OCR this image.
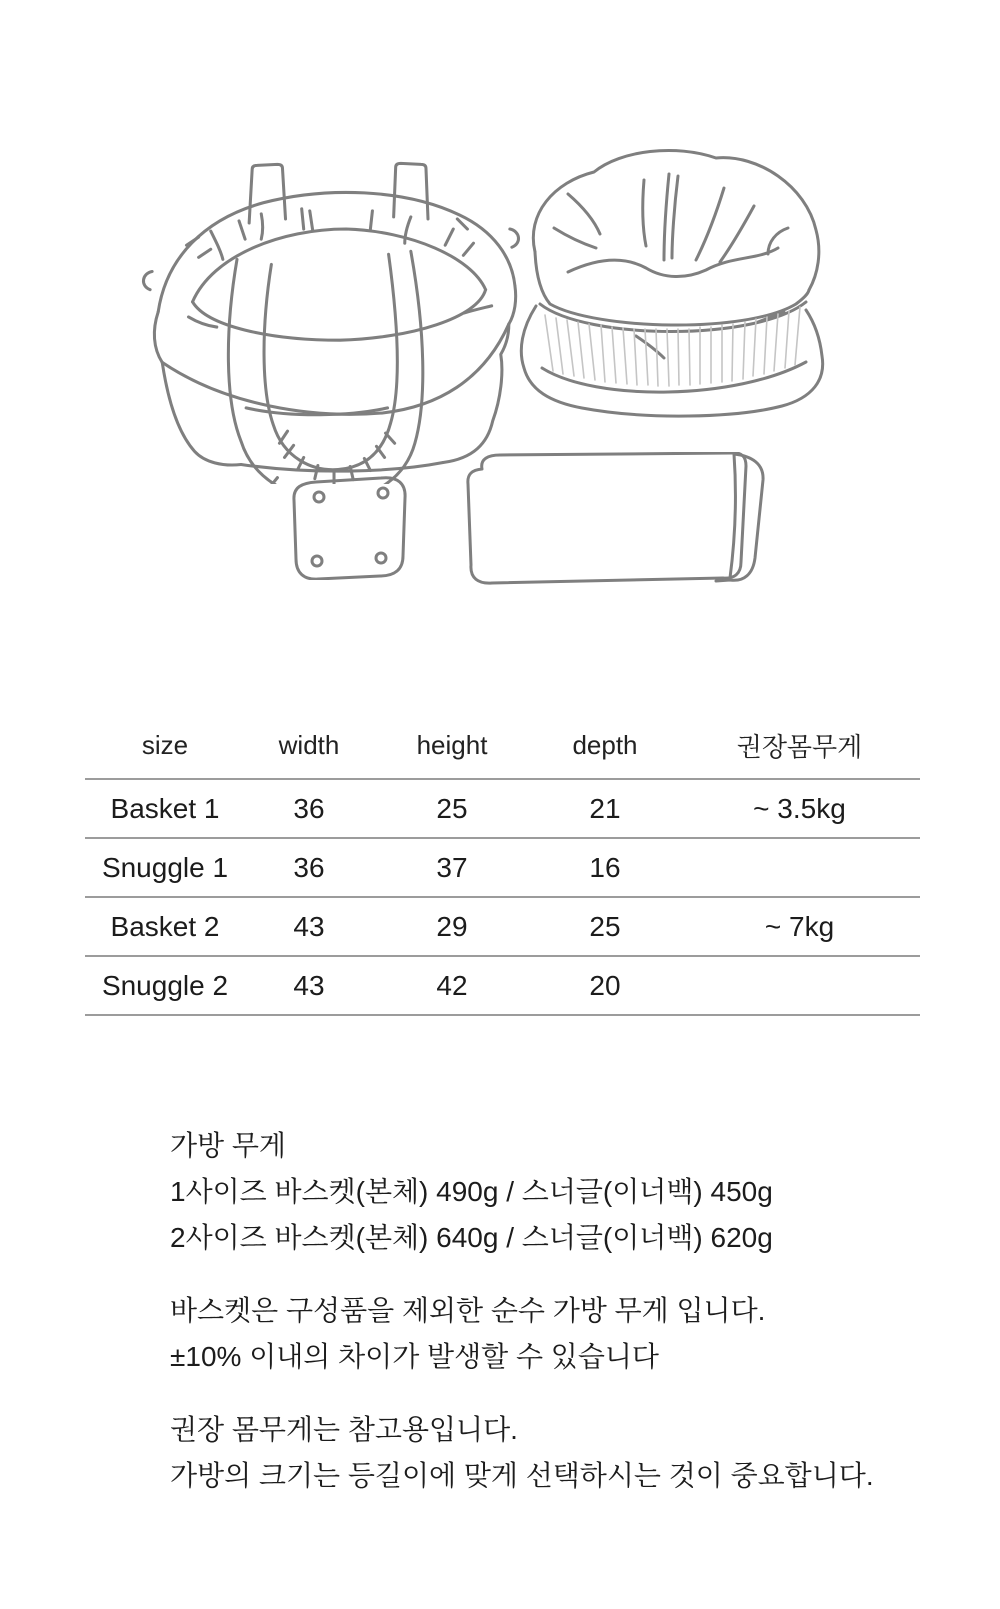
size	width	height	depth	권장몸무게
Basket 1	36	25	21	~ 3.5kg
Snuggle 1	36	37	16	
Basket 2	43	29	25	~ 7kg
Snuggle 2	43	42	20	

가방 무게
1사이즈 바스켓(본체) 490g / 스너글(이너백) 450g
2사이즈 바스켓(본체) 640g / 스너글(이너백) 620g

바스켓은 구성품을 제외한 순수 가방 무게 입니다.
±10% 이내의 차이가 발생할 수 있습니다

권장 몸무게는 참고용입니다.
가방의 크기는 등길이에 맞게 선택하시는 것이 중요합니다.
